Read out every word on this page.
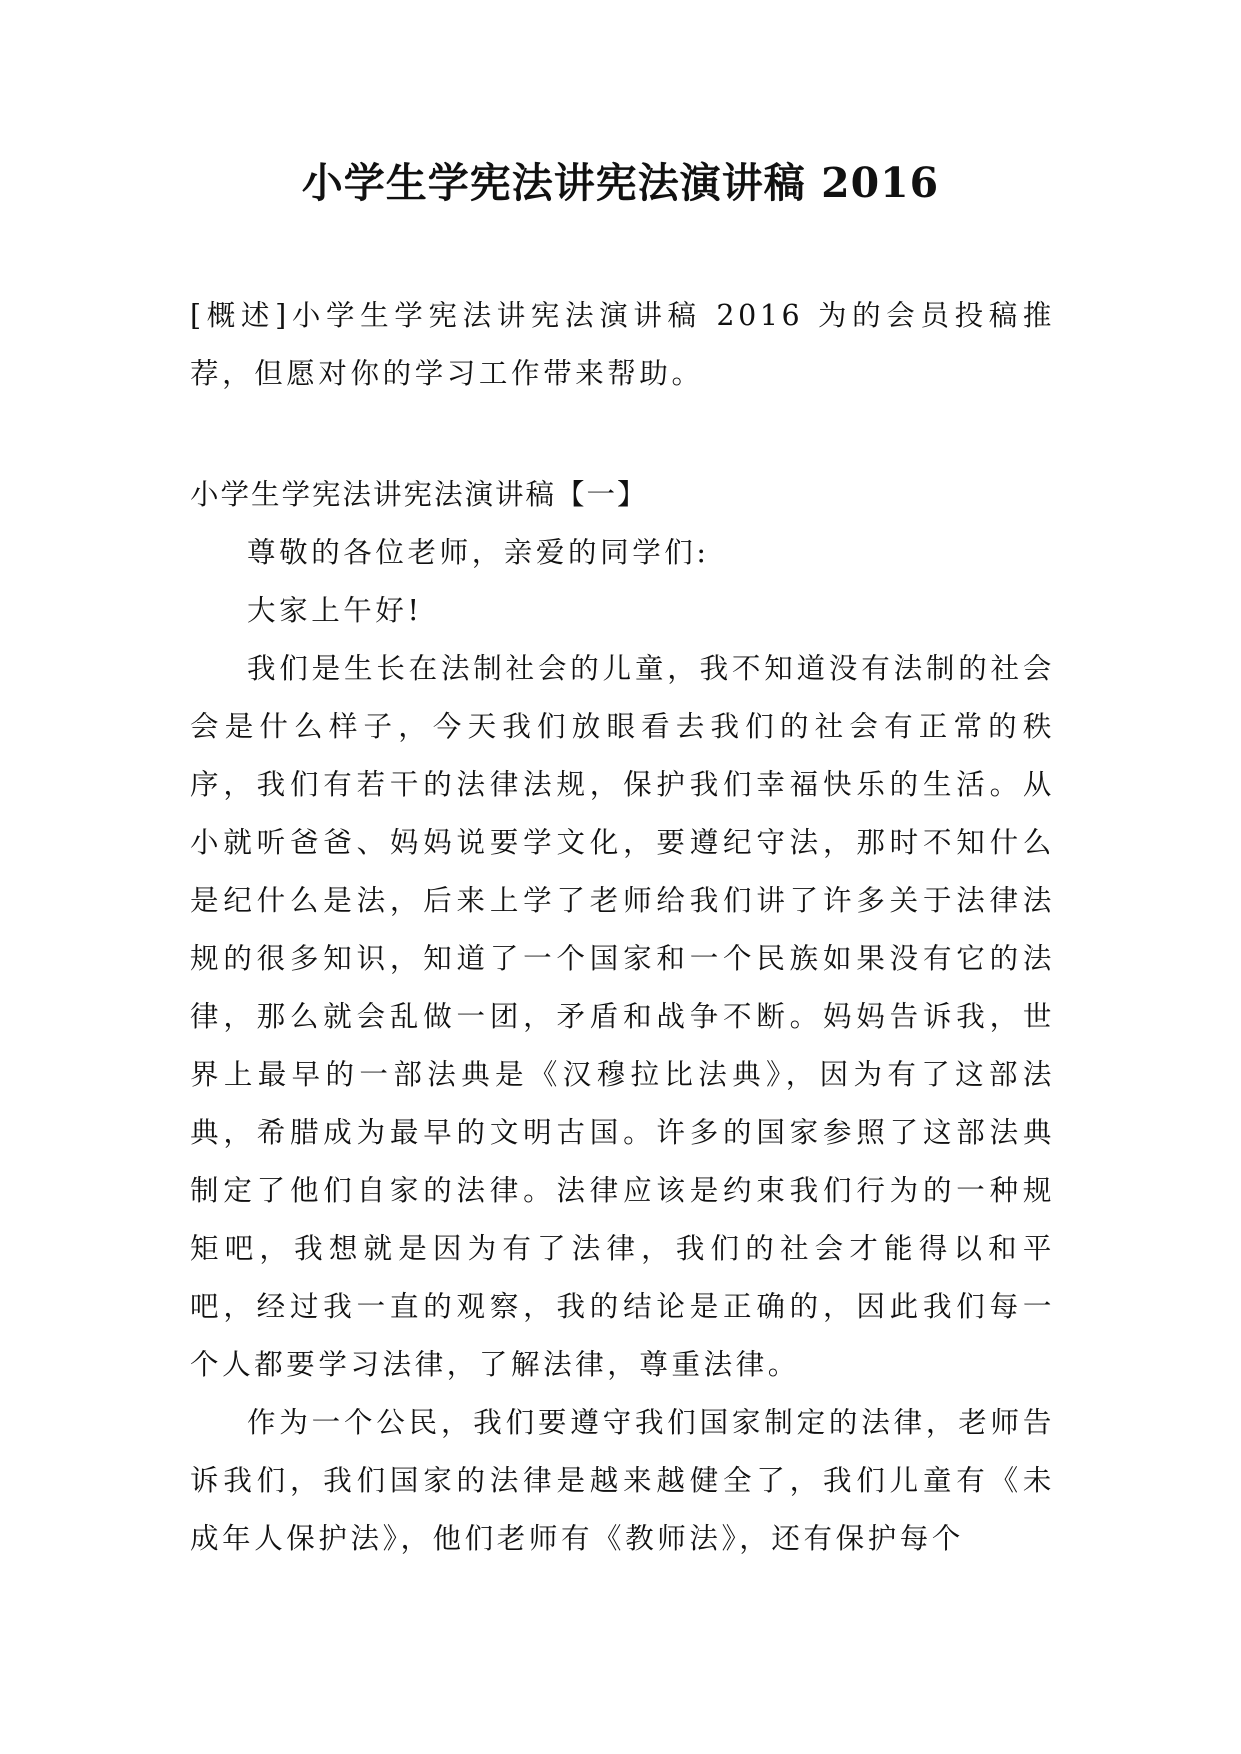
小学生学宪法讲宪法演讲稿 2016

[概述]小学生学宪法讲宪法演讲稿 2016 为的会员投稿推荐，但愿对你的学习工作带来帮助。

小学生学宪法讲宪法演讲稿【一】

尊敬的各位老师，亲爱的同学们:

大家上午好!

我们是生长在法制社会的儿童，我不知道没有法制的社会会是什么样子，今天我们放眼看去我们的社会有正常的秩序，我们有若干的法律法规，保护我们幸福快乐的生活。从小就听爸爸、妈妈说要学文化，要遵纪守法，那时不知什么是纪什么是法，后来上学了老师给我们讲了许多关于法律法规的很多知识，知道了一个国家和一个民族如果没有它的法律，那么就会乱做一团，矛盾和战争不断。妈妈告诉我，世界上最早的一部法典是《汉穆拉比法典》，因为有了这部法典，希腊成为最早的文明古国。许多的国家参照了这部法典制定了他们自家的法律。法律应该是约束我们行为的一种规矩吧，我想就是因为有了法律，我们的社会才能得以和平吧，经过我一直的观察，我的结论是正确的，因此我们每一个人都要学习法律，了解法律，尊重法律。

作为一个公民，我们要遵守我们国家制定的法律，老师告诉我们，我们国家的法律是越来越健全了，我们儿童有《未成年人保护法》，他们老师有《教师法》，还有保护每个
